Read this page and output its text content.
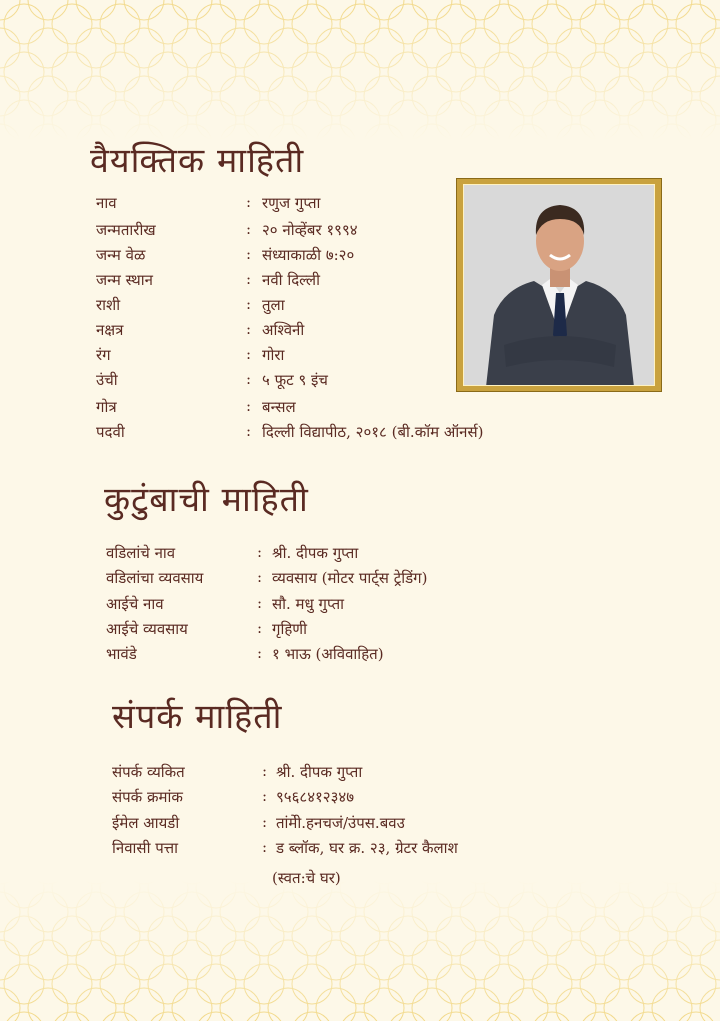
वैयक्तिक माहिती
नाव	: रणुज गुप्ता
जन्मतारीख	: २० नोव्हेंबर १९९४
जन्म वेळ	: संध्याकाळी ७:२०
जन्म स्थान	: नवी दिल्ली
राशी	: तुला
नक्षत्र	: अश्विनी
रंग	: गोरा
उंची	: ५ फूट ९ इंच
गोत्र	: बन्सल
पदवी	: दिल्ली विद्यापीठ, २०१८ (बी.कॉम ऑनर्स)
कुटुंबाची माहिती
वडिलांचे नाव	: श्री. दीपक गुप्ता
वडिलांचा व्यवसाय	: व्यवसाय (मोटर पार्ट्स ट्रेडिंग)
आईचे नाव	: सौ. मधु गुप्ता
आईचे व्यवसाय	: गृहिणी
भावंडे	: १ भाऊ (अविवाहित)
संपर्क माहिती
संपर्क व्यकित	: श्री. दीपक गुप्ता
संपर्क क्रमांक	: ९५६८४१२३४७
ईमेल आयडी	: तांमेी.हनचजं/उंपस.बवउ
निवासी पत्ता	: ड ब्लॉक, घर क्र. २३, ग्रेटर कैलाश
(स्वत:चे घर)
